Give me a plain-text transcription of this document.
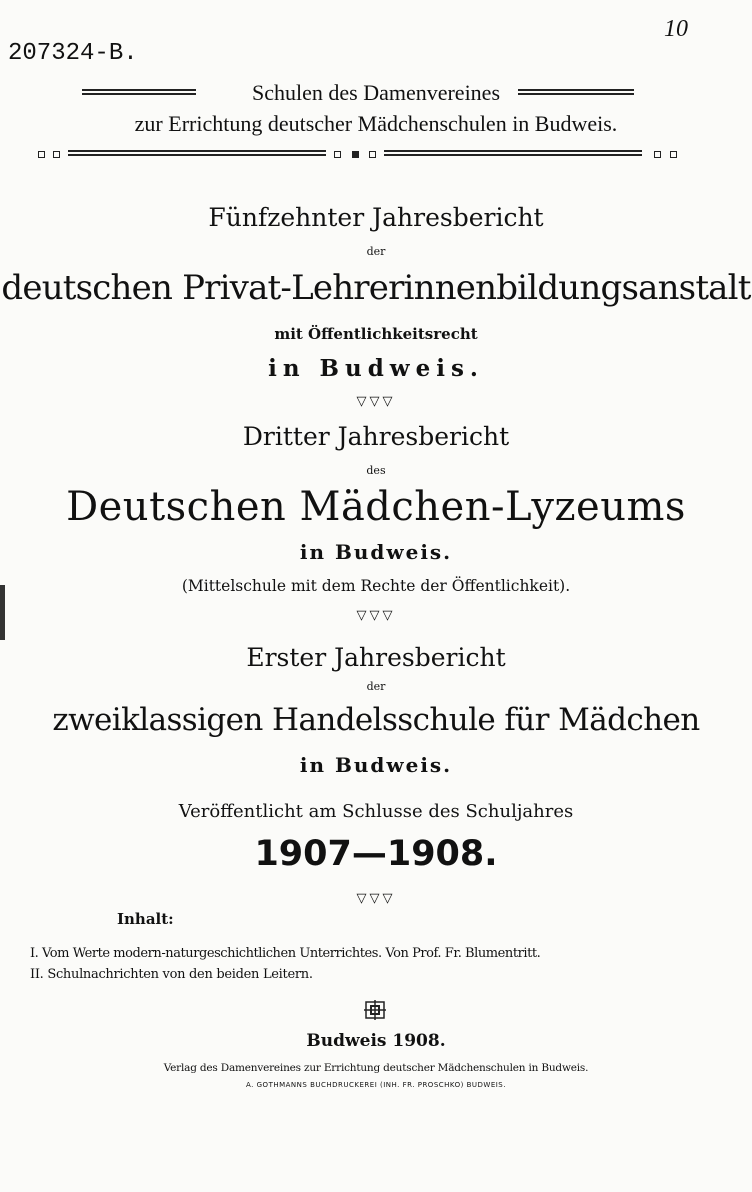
207324-B.
10
Schulen des Damenvereines
zur Errichtung deutscher Mädchenschulen in Budweis.
Fünfzehnter Jahresbericht
der
deutschen Privat-Lehrerinnenbildungsanstalt
mit Öffentlichkeitsrecht
in Budweis.
▽▽▽
Dritter Jahresbericht
des
Deutschen Mädchen-Lyzeums
in Budweis.
(Mittelschule mit dem Rechte der Öffentlichkeit).
▽▽▽
Erster Jahresbericht
der
zweiklassigen Handelsschule für Mädchen
in Budweis.
Veröffentlicht am Schlusse des Schuljahres
1907—1908.
▽▽▽
Inhalt:
I. Vom Werte modern-naturgeschichtlichen Unterrichtes. Von Prof. Fr. Blumentritt.
II. Schulnachrichten von den beiden Leitern.
Budweis 1908.
Verlag des Damenvereines zur Errichtung deutscher Mädchenschulen in Budweis.
A. GOTHMANNS BUCHDRUCKEREI (INH. FR. PROSCHKO) BUDWEIS.
